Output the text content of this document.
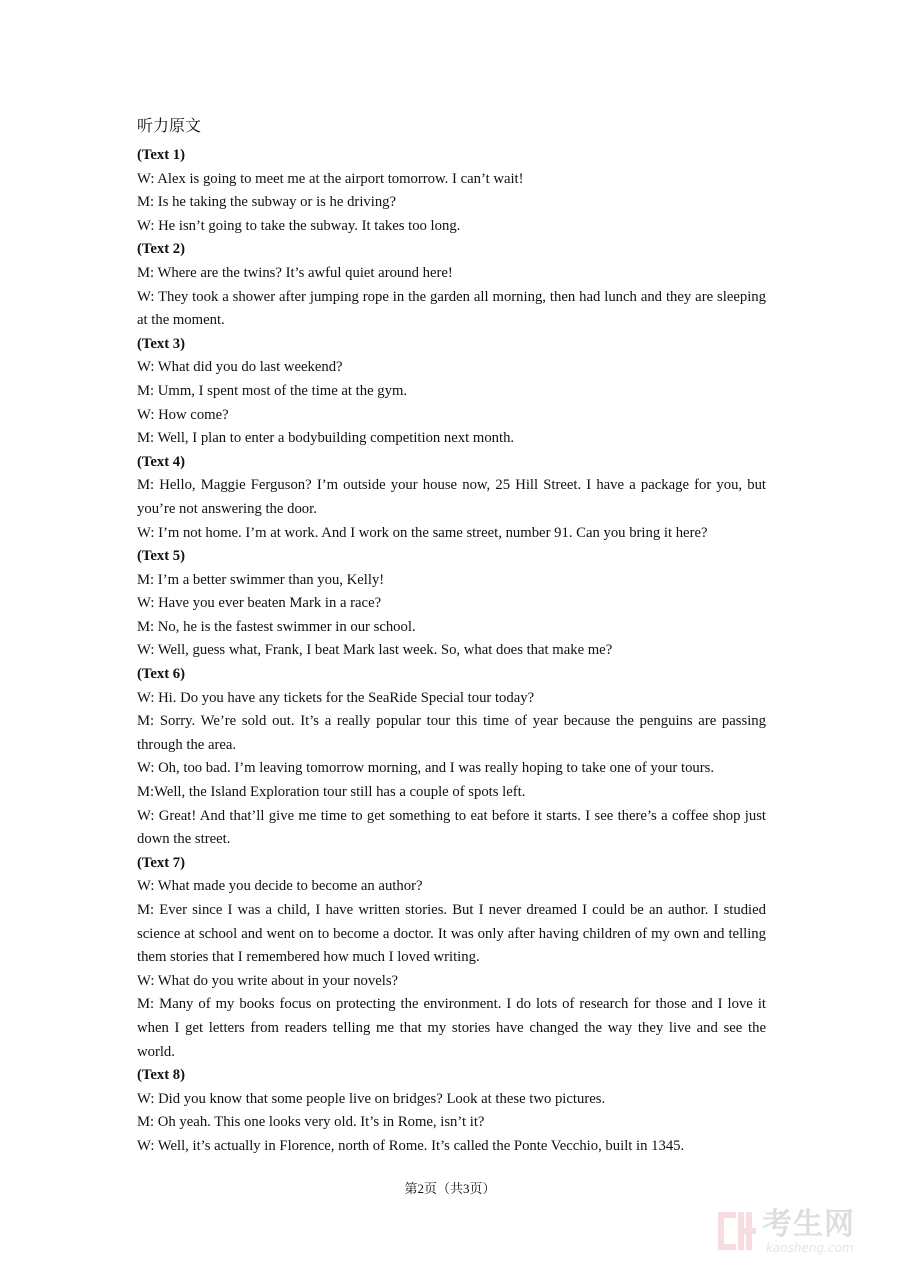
听力原文

(Text 1)

W: Alex is going to meet me at the airport tomorrow. I can’t wait!

M: Is he taking the subway or is he driving?

W: He isn’t going to take the subway. It takes too long.

(Text 2)

M: Where are the twins? It’s awful quiet around here!

W: They took a shower after jumping rope in the garden all morning, then had lunch and they are sleeping at the moment.

(Text 3)

W: What did you do last weekend?

M: Umm, I spent most of the time at the gym.

W: How come?

M: Well, I plan to enter a bodybuilding competition next month.

(Text 4)

M: Hello, Maggie Ferguson? I’m outside your house now, 25 Hill Street. I have a package for you, but you’re not answering the door.

W: I’m not home. I’m at work. And I work on the same street, number 91. Can you bring it here?

(Text 5)

M: I’m a better swimmer than you, Kelly!

W: Have you ever beaten Mark in a race?

M: No, he is the fastest swimmer in our school.

W: Well, guess what, Frank, I beat Mark last week. So, what does that make me?

(Text 6)

W: Hi. Do you have any tickets for the SeaRide Special tour today?

M: Sorry. We’re sold out. It’s a really popular tour this time of year because the penguins are passing through the area.

W: Oh, too bad. I’m leaving tomorrow morning, and I was really hoping to take one of your tours.

M:Well, the Island Exploration tour still has a couple of spots left.

W: Great! And that’ll give me time to get something to eat before it starts. I see there’s a coffee shop just down the street.

(Text 7)

W: What made you decide to become an author?

M: Ever since I was a child, I have written stories. But I never dreamed I could be an author. I studied science at school and went on to become a doctor. It was only after having children of my own and telling them stories that I remembered how much I loved writing.

W: What do you write about in your novels?

M: Many of my books focus on protecting the environment. I do lots of research for those and I love it when I get letters from readers telling me that my stories have changed the way they live and see the world.

(Text 8)

W: Did you know that some people live on bridges? Look at these two pictures.

M: Oh yeah. This one looks very old. It’s in Rome, isn’t it?

W: Well, it’s actually in Florence, north of Rome. It’s called the Ponte Vecchio, built in 1345.

第2页（共3页）
考生网
kaosheng.com
